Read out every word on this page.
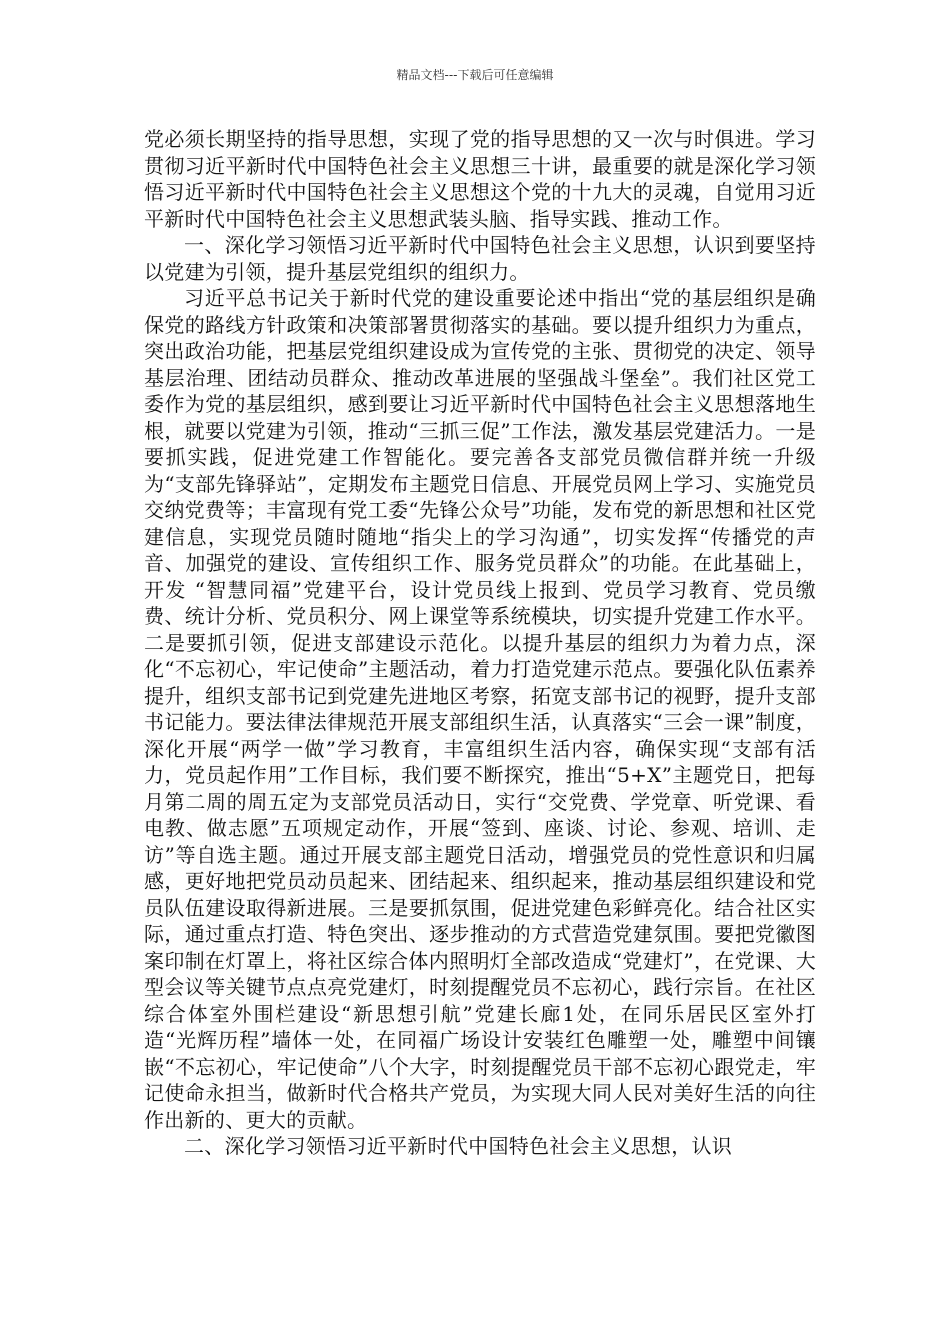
精品文档---下载后可任意编辑

党必须长期坚持的指导思想，实现了党的指导思想的又一次与时俱进。学习贯彻习近平新时代中国特色社会主义思想三十讲，最重要的就是深化学习领悟习近平新时代中国特色社会主义思想这个党的十九大的灵魂，自觉用习近平新时代中国特色社会主义思想武装头脑、指导实践、推动工作。

一、深化学习领悟习近平新时代中国特色社会主义思想，认识到要坚持以党建为引领，提升基层党组织的组织力。

习近平总书记关于新时代党的建设重要论述中指出“党的基层组织是确保党的路线方针政策和决策部署贯彻落实的基础。要以提升组织力为重点，突出政治功能，把基层党组织建设成为宣传党的主张、贯彻党的决定、领导基层治理、团结动员群众、推动改革进展的坚强战斗堡垒”。我们社区党工委作为党的基层组织，感到要让习近平新时代中国特色社会主义思想落地生根，就要以党建为引领，推动“三抓三促”工作法，激发基层党建活力。一是要抓实践，促进党建工作智能化。要完善各支部党员微信群并统一升级为“支部先锋驿站”，定期发布主题党日信息、开展党员网上学习、实施党员交纳党费等；丰富现有党工委“先锋公众号”功能，发布党的新思想和社区党建信息，实现党员随时随地“指尖上的学习沟通”，切实发挥“传播党的声音、加强党的建设、宣传组织工作、服务党员群众”的功能。在此基础上，开发 “智慧同福”党建平台，设计党员线上报到、党员学习教育、党员缴费、统计分析、党员积分、网上课堂等系统模块，切实提升党建工作水平。二是要抓引领，促进支部建设示范化。以提升基层的组织力为着力点，深化“不忘初心，牢记使命”主题活动，着力打造党建示范点。要强化队伍素养提升，组织支部书记到党建先进地区考察，拓宽支部书记的视野，提升支部书记能力。要法律法律规范开展支部组织生活，认真落实“三会一课”制度，深化开展“两学一做”学习教育，丰富组织生活内容，确保实现“支部有活力，党员起作用”工作目标，我们要不断探究，推出“5+X”主题党日，把每月第二周的周五定为支部党员活动日，实行“交党费、学党章、听党课、看电教、做志愿”五项规定动作，开展“签到、座谈、讨论、参观、培训、走访”等自选主题。通过开展支部主题党日活动，增强党员的党性意识和归属感，更好地把党员动员起来、团结起来、组织起来，推动基层组织建设和党员队伍建设取得新进展。三是要抓氛围，促进党建色彩鲜亮化。结合社区实际，通过重点打造、特色突出、逐步推动的方式营造党建氛围。要把党徽图案印制在灯罩上，将社区综合体内照明灯全部改造成“党建灯”，在党课、大型会议等关键节点点亮党建灯，时刻提醒党员不忘初心，践行宗旨。在社区综合体室外围栏建设“新思想引航”党建长廊1处，在同乐居民区室外打造“光辉历程”墙体一处，在同福广场设计安装红色雕塑一处，雕塑中间镶嵌“不忘初心，牢记使命”八个大字，时刻提醒党员干部不忘初心跟党走，牢记使命永担当，做新时代合格共产党员，为实现大同人民对美好生活的向往作出新的、更大的贡献。

二、深化学习领悟习近平新时代中国特色社会主义思想，认识
